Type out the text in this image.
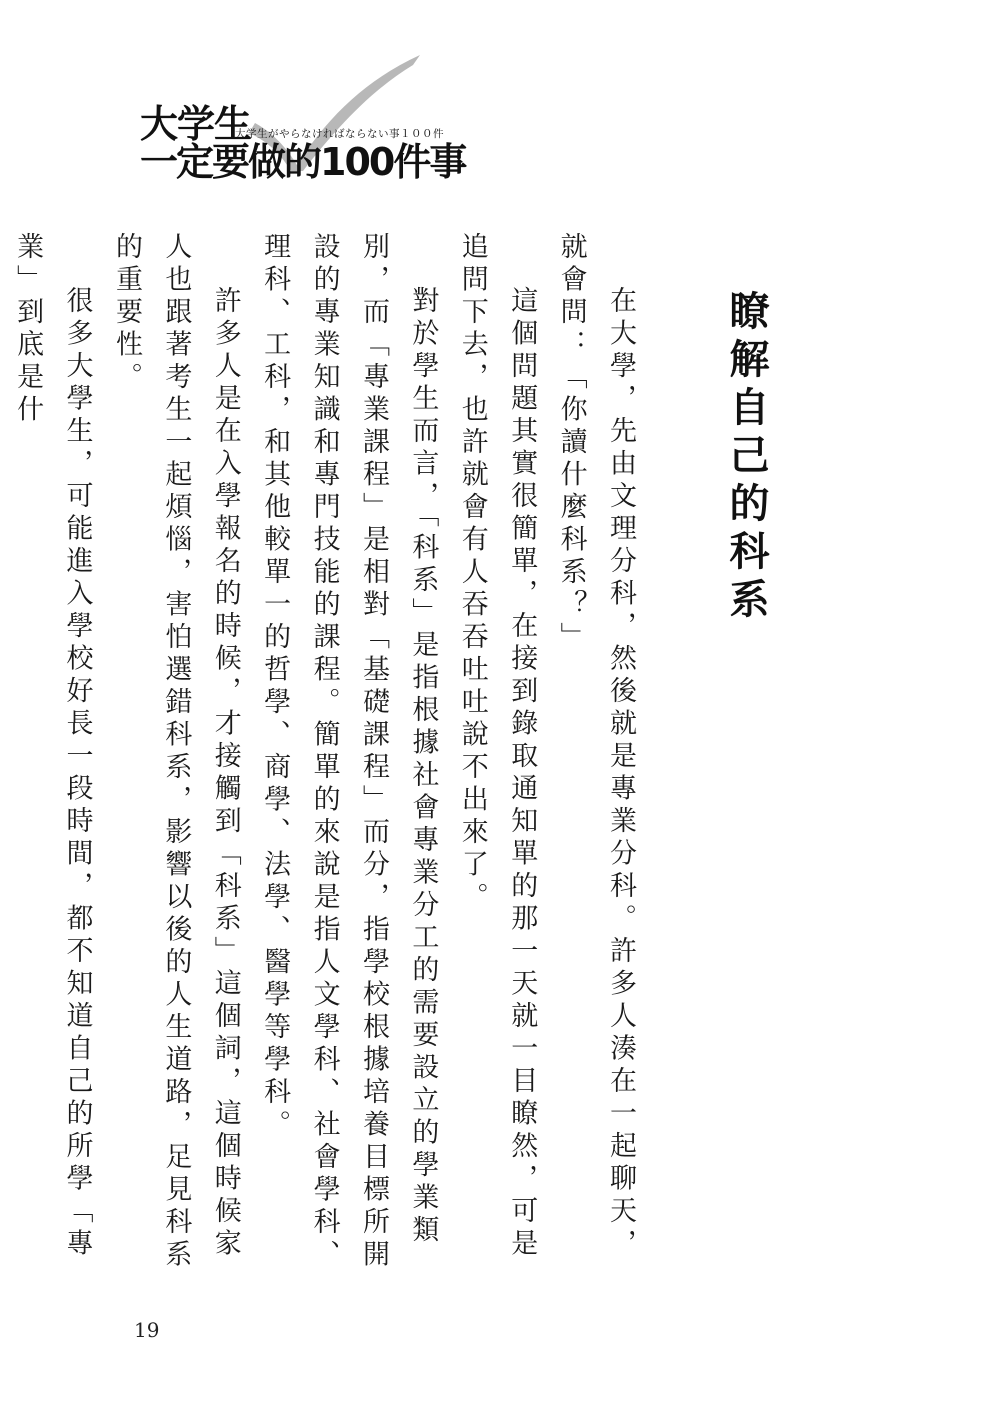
大学生
大学生がやらなければならない事１００件
一定要做的100件事
瞭解自己的科系

在大學，先由文理分科，然後就是專業分科。許多人湊在一起聊天，就會問：「你讀什麼科系？」

這個問題其實很簡單，在接到錄取通知單的那一天就一目瞭然，可是追問下去，也許就會有人吞吞吐吐說不出來了。

對於學生而言，「科系」是指根據社會專業分工的需要設立的學業類別，而「專業課程」是相對「基礎課程」而分，指學校根據培養目標所開設的專業知識和專門技能的課程。簡單的來說是指人文學科、社會學科、理科、工科，和其他較單一的哲學、商學、法學、醫學等學科。

許多人是在入學報名的時候，才接觸到「科系」這個詞，這個時候家人也跟著考生一起煩惱，害怕選錯科系，影響以後的人生道路，足見科系的重要性。

很多大學生，可能進入學校好長一段時間，都不知道自己的所學「專業」到底是什

19
